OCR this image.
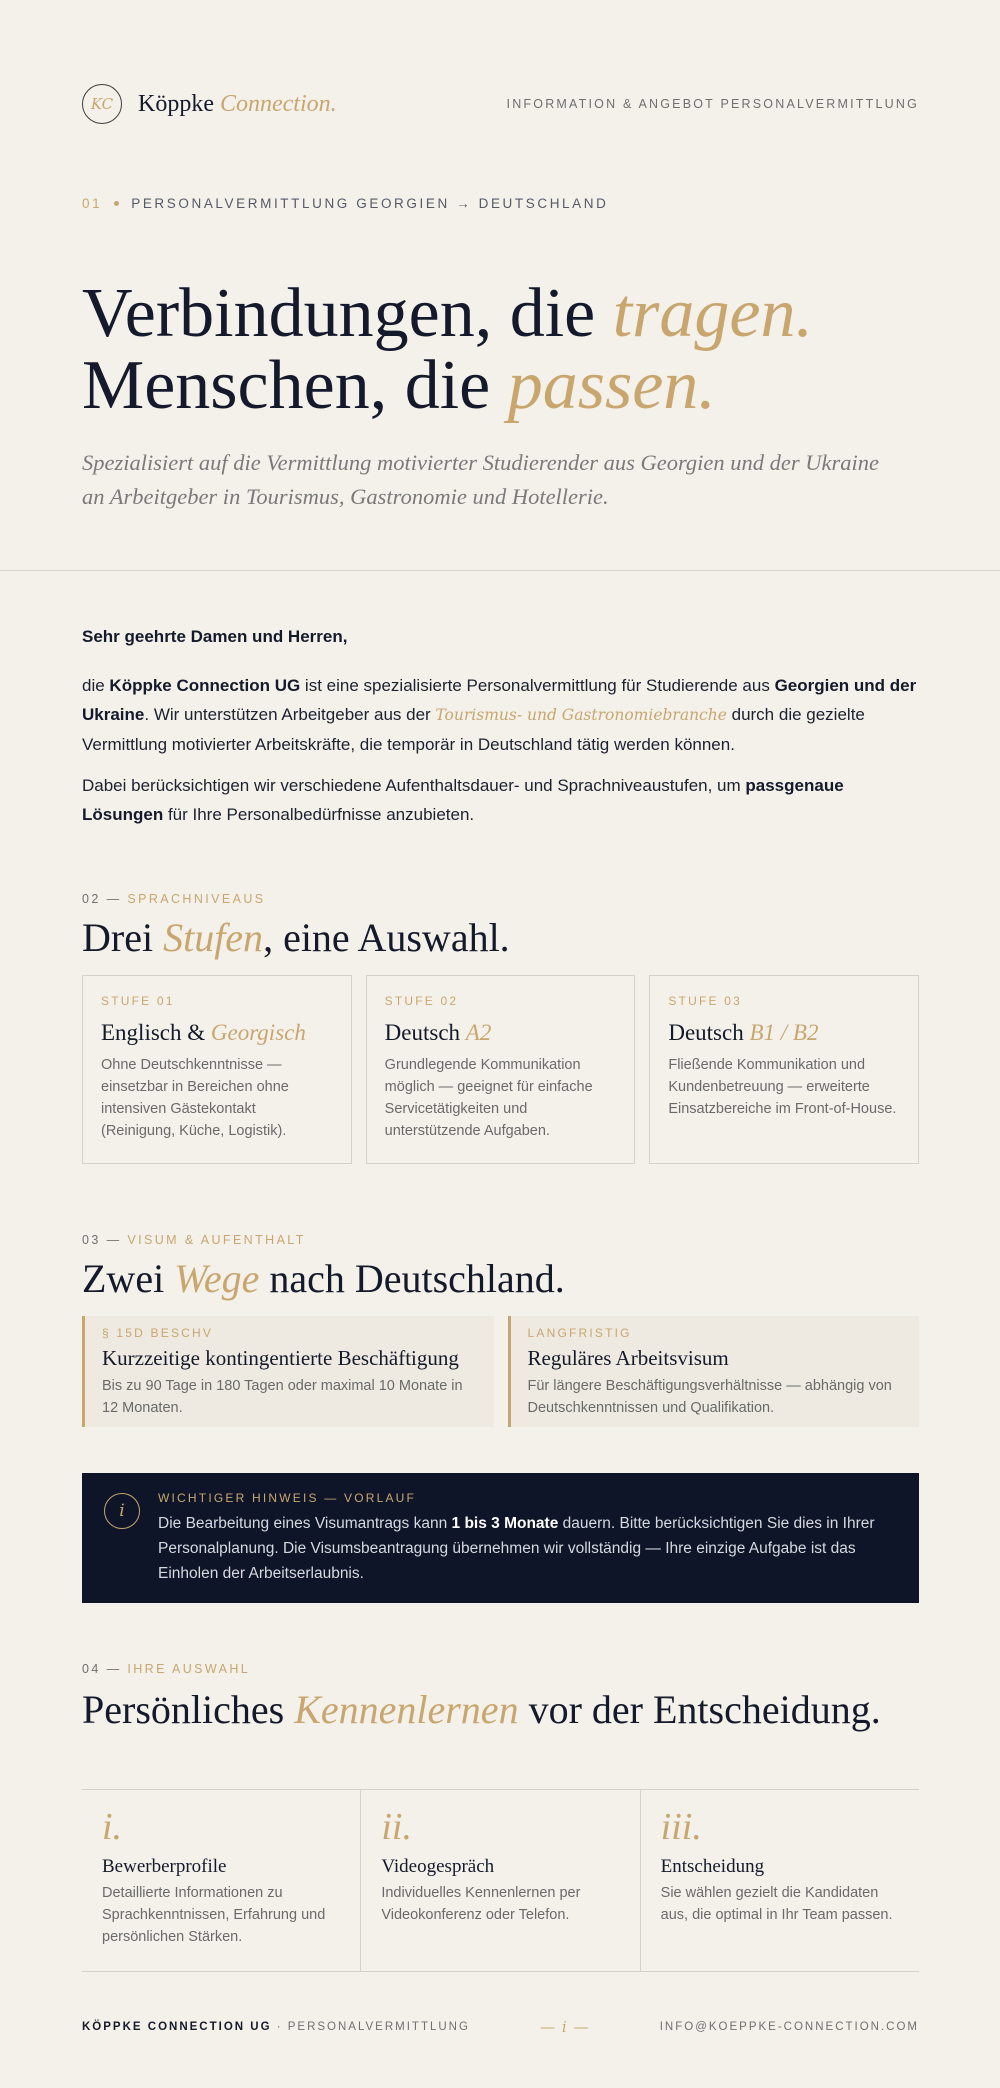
KC	Köppke Connection.	INFORMATION & ANGEBOT PERSONALVERMITTLUNG
01 PERSONALVERMITTLUNG GEORGIEN → DEUTSCHLAND
Verbindungen, die tragen.
Menschen, die passen.
Spezialisiert auf die Vermittlung motivierter Studierender aus Georgien und der Ukraine an Arbeitgeber in Tourismus, Gastronomie und Hotellerie.

Sehr geehrte Damen und Herren,

die Köppke Connection UG ist eine spezialisierte Personalvermittlung für Studierende aus Georgien und der Ukraine. Wir unterstützen Arbeitgeber aus der Tourismus- und Gastronomiebranche durch die gezielte Vermittlung motivierter Arbeitskräfte, die temporär in Deutschland tätig werden können.

Dabei berücksichtigen wir verschiedene Aufenthaltsdauer- und Sprachniveaustufen, um passgenaue Lösungen für Ihre Personalbedürfnisse anzubieten.

02 — SPRACHNIVEAUS
Drei Stufen, eine Auswahl.
STUFE 01
Englisch & Georgisch
Ohne Deutschkenntnisse — einsetzbar in Bereichen ohne intensiven Gästekontakt (Reinigung, Küche, Logistik).
STUFE 02
Deutsch A2
Grundlegende Kommunikation möglich — geeignet für einfache Servicetätigkeiten und unterstützende Aufgaben.
STUFE 03
Deutsch B1 / B2
Fließende Kommunikation und Kundenbetreuung — erweiterte Einsatzbereiche im Front-of-House.
03 — VISUM & AUFENTHALT
Zwei Wege nach Deutschland.
§ 15D BESCHV
Kurzzeitige kontingentierte Beschäftigung
Bis zu 90 Tage in 180 Tagen oder maximal 10 Monate in 12 Monaten.
LANGFRISTIG
Reguläres Arbeitsvisum
Für längere Beschäftigungsverhältnisse — abhängig von Deutschkenntnissen und Qualifikation.
i
WICHTIGER HINWEIS — VORLAUF
Die Bearbeitung eines Visumantrags kann 1 bis 3 Monate dauern. Bitte berücksichtigen Sie dies in Ihrer Personalplanung. Die Visumsbeantragung übernehmen wir vollständig — Ihre einzige Aufgabe ist das Einholen der Arbeitserlaubnis.
04 — IHRE AUSWAHL
Persönliches Kennenlernen vor der Entscheidung.
i.
Bewerberprofile
Detaillierte Informationen zu Sprachkenntnissen, Erfahrung und persönlichen Stärken.
ii.
Videogespräch
Individuelles Kennenlernen per Videokonferenz oder Telefon.
iii.
Entscheidung
Sie wählen gezielt die Kandidaten aus, die optimal in Ihr Team passen.
KÖPPKE CONNECTION UG · PERSONALVERMITTLUNG	— i —	INFO@KOEPPKE-CONNECTION.COM
